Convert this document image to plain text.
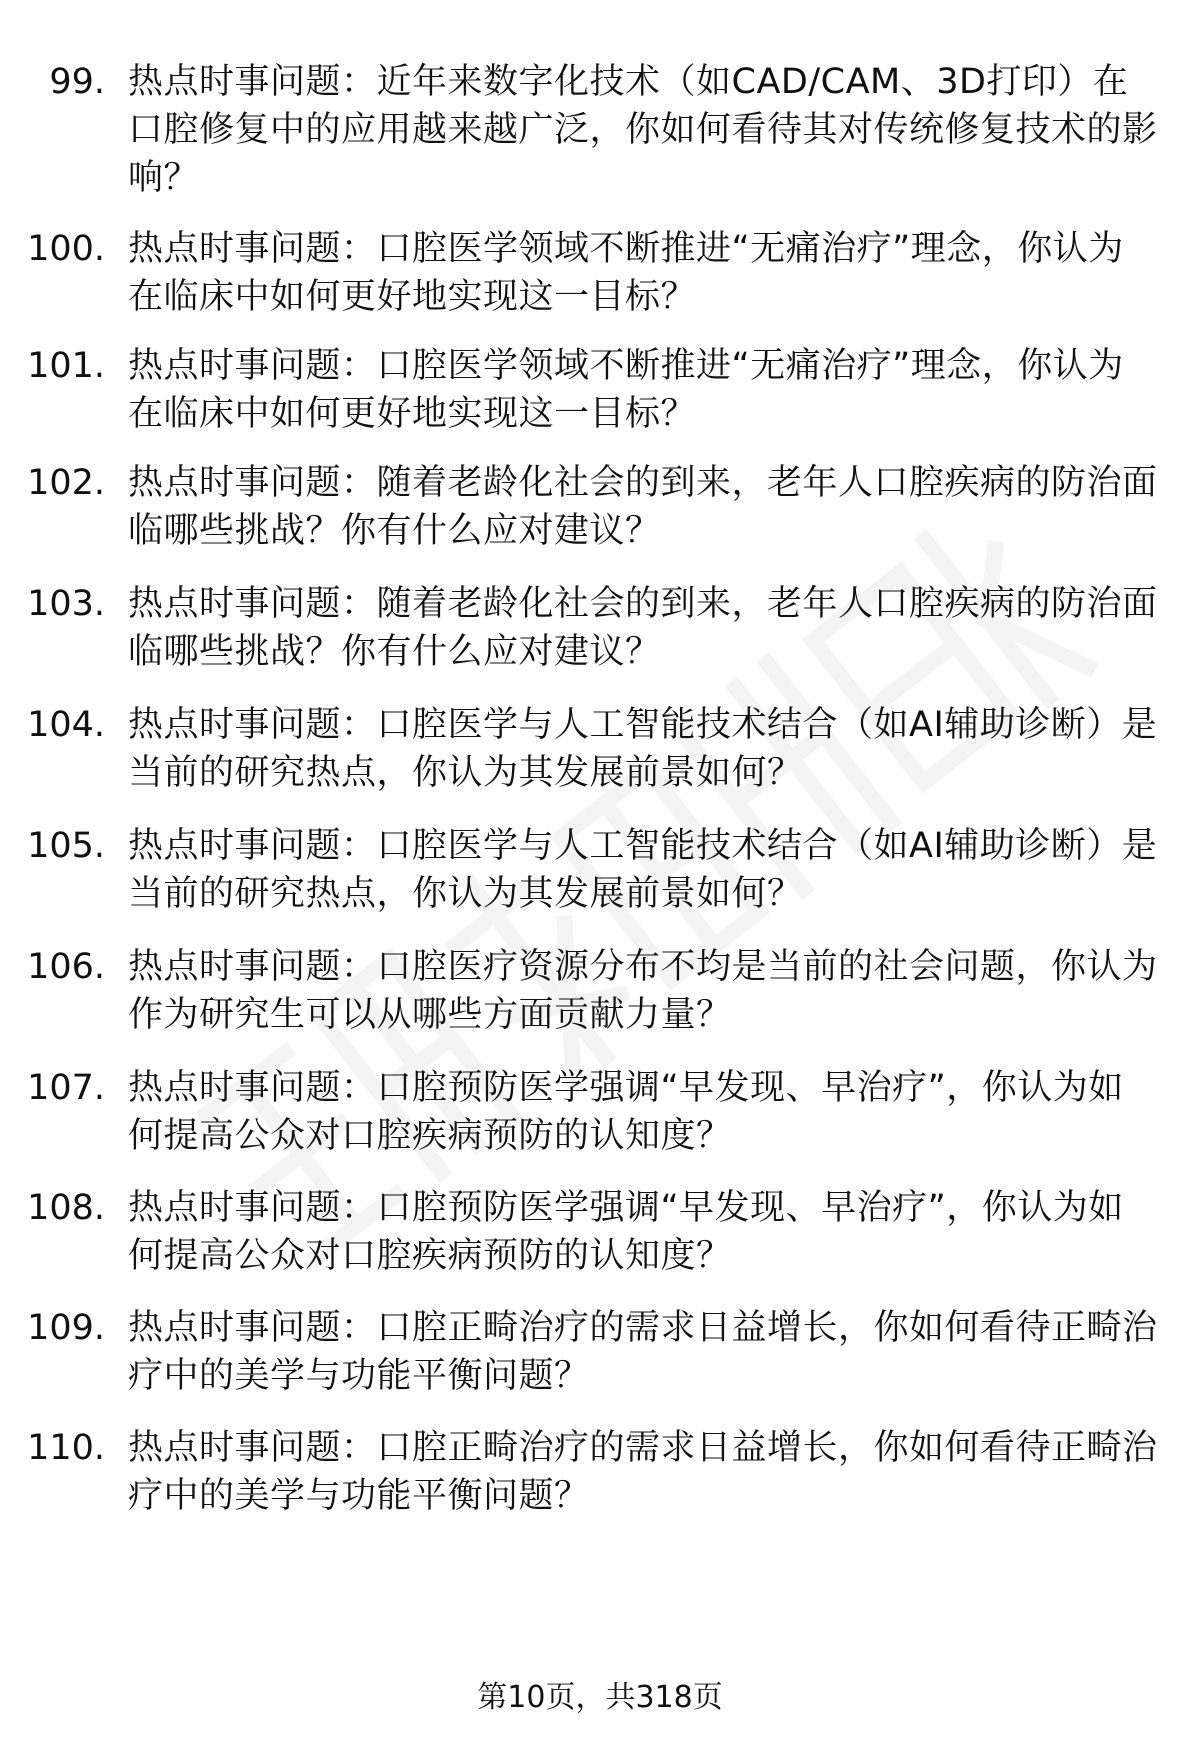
99. 热点时事问题：近年来数字化技术（如CAD/CAM、3D打印）在口腔修复中的应用越来越广泛，你如何看待其对传统修复技术的影响？
100. 热点时事问题：口腔医学领域不断推进“无痛治疗”理念，你认为在临床中如何更好地实现这一目标？
101. 热点时事问题：口腔医学领域不断推进“无痛治疗”理念，你认为在临床中如何更好地实现这一目标？
102. 热点时事问题：随着老龄化社会的到来，老年人口腔疾病的防治面临哪些挑战？你有什么应对建议？
103. 热点时事问题：随着老龄化社会的到来，老年人口腔疾病的防治面临哪些挑战？你有什么应对建议？
104. 热点时事问题：口腔医学与人工智能技术结合（如AI辅助诊断）是当前的研究热点，你认为其发展前景如何？
105. 热点时事问题：口腔医学与人工智能技术结合（如AI辅助诊断）是当前的研究热点，你认为其发展前景如何？
106. 热点时事问题：口腔医疗资源分布不均是当前的社会问题，你认为作为研究生可以从哪些方面贡献力量？
107. 热点时事问题：口腔预防医学强调“早发现、早治疗”，你认为如何提高公众对口腔疾病预防的认知度？
108. 热点时事问题：口腔预防医学强调“早发现、早治疗”，你认为如何提高公众对口腔疾病预防的认知度？
109. 热点时事问题：口腔正畸治疗的需求日益增长，你如何看待正畸治疗中的美学与功能平衡问题？
110. 热点时事问题：口腔正畸治疗的需求日益增长，你如何看待正畸治疗中的美学与功能平衡问题？
第10页，共318页
